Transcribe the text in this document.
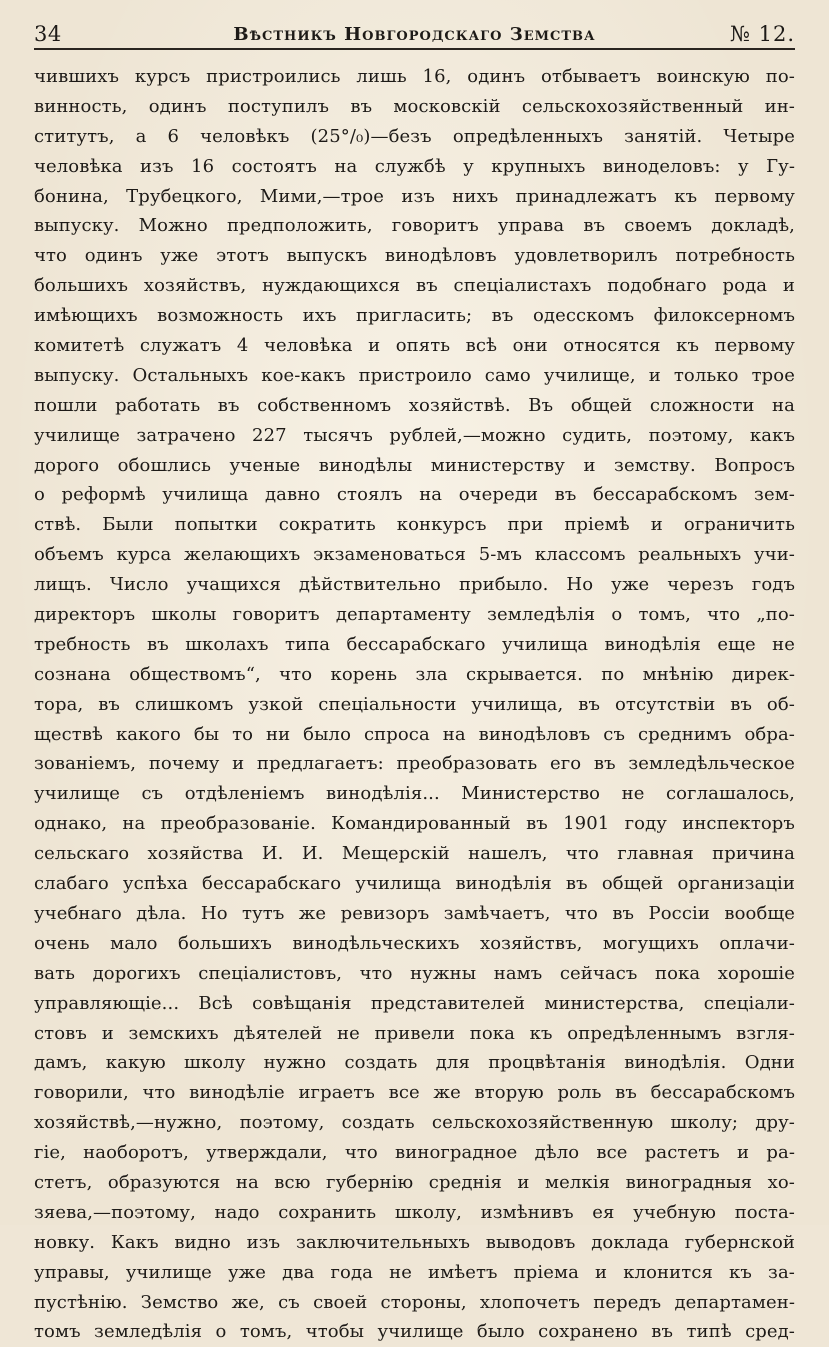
34	Вѣстникъ Новгородскаго Земства	№ 12.
чившихъ курсъ пристроились лишь 16, одинъ отбываетъ воинскую по-
винность, одинъ поступилъ въ московскій сельскохозяйственный ин-
ститутъ, а 6 человѣкъ (25°/₀)—безъ опредѣленныхъ занятій. Четыре
человѣка изъ 16 состоятъ на службѣ у крупныхъ виноделовъ: у Гу-
бонина, Трубецкого, Мими,—трое изъ нихъ принадлежатъ къ первому
выпуску. Можно предположить, говоритъ управа въ своемъ докладѣ,
что одинъ уже этотъ выпускъ винодѣловъ удовлетворилъ потребность
большихъ хозяйствъ, нуждающихся въ спеціалистахъ подобнаго рода и
имѣющихъ возможность ихъ пригласить; въ одесскомъ филоксерномъ
комитетѣ служатъ 4 человѣка и опять всѣ они относятся къ первому
выпуску. Остальныхъ кое-какъ пристроило само училище, и только трое
пошли работать въ собственномъ хозяйствѣ. Въ общей сложности на
училище затрачено 227 тысячъ рублей,—можно судить, поэтому, какъ
дорого обошлись ученые винодѣлы министерству и земству. Вопросъ
о реформѣ училища давно стоялъ на очереди въ бессарабскомъ зем-
ствѣ. Были попытки сократить конкурсъ при пріемѣ и ограничить
объемъ курса желающихъ экзаменоваться 5-мъ классомъ реальныхъ учи-
лищъ. Число учащихся дѣйствительно прибыло. Но уже черезъ годъ
директоръ школы говоритъ департаменту земледѣлія о томъ, что „по-
требность въ школахъ типа бессарабскаго училища винодѣлія еще не
сознана обществомъ“, что корень зла скрывается. по мнѣнію дирек-
тора, въ слишкомъ узкой спеціальности училища, въ отсутствіи въ об-
ществѣ какого бы то ни было спроса на винодѣловъ съ среднимъ обра-
зованіемъ, почему и предлагаетъ: преобразовать его въ земледѣльческое
училище съ отдѣленіемъ винодѣлія... Министерство не соглашалось,
однако, на преобразованіе. Командированный въ 1901 году инспекторъ
сельскаго хозяйства И. И. Мещерскій нашелъ, что главная причина
слабаго успѣха бессарабскаго училища винодѣлія въ общей организаціи
учебнаго дѣла. Но тутъ же ревизоръ замѣчаетъ, что въ Россіи вообще
очень мало большихъ винодѣльческихъ хозяйствъ, могущихъ оплачи-
вать дорогихъ спеціалистовъ, что нужны намъ сейчасъ пока хорошіе
управляющіе... Всѣ совѣщанія представителей министерства, спеціали-
стовъ и земскихъ дѣятелей не привели пока къ опредѣленнымъ взгля-
дамъ, какую школу нужно создать для процвѣтанія винодѣлія. Одни
говорили, что винодѣліе играетъ все же вторую роль въ бессарабскомъ
хозяйствѣ,—нужно, поэтому, создать сельскохозяйственную школу; дру-
гіе, наоборотъ, утверждали, что виноградное дѣло все растетъ и ра-
стетъ, образуются на всю губернію среднія и мелкія виноградныя хо-
зяева,—поэтому, надо сохранить школу, измѣнивъ ея учебную поста-
новку. Какъ видно изъ заключительныхъ выводовъ доклада губернской
управы, училище уже два года не имѣетъ пріема и клонится къ за-
пустѣнію. Земство же, съ своей стороны, хлопочетъ передъ департамен-
томъ земледѣлія о томъ, чтобы училище было сохранено въ типѣ сред-
